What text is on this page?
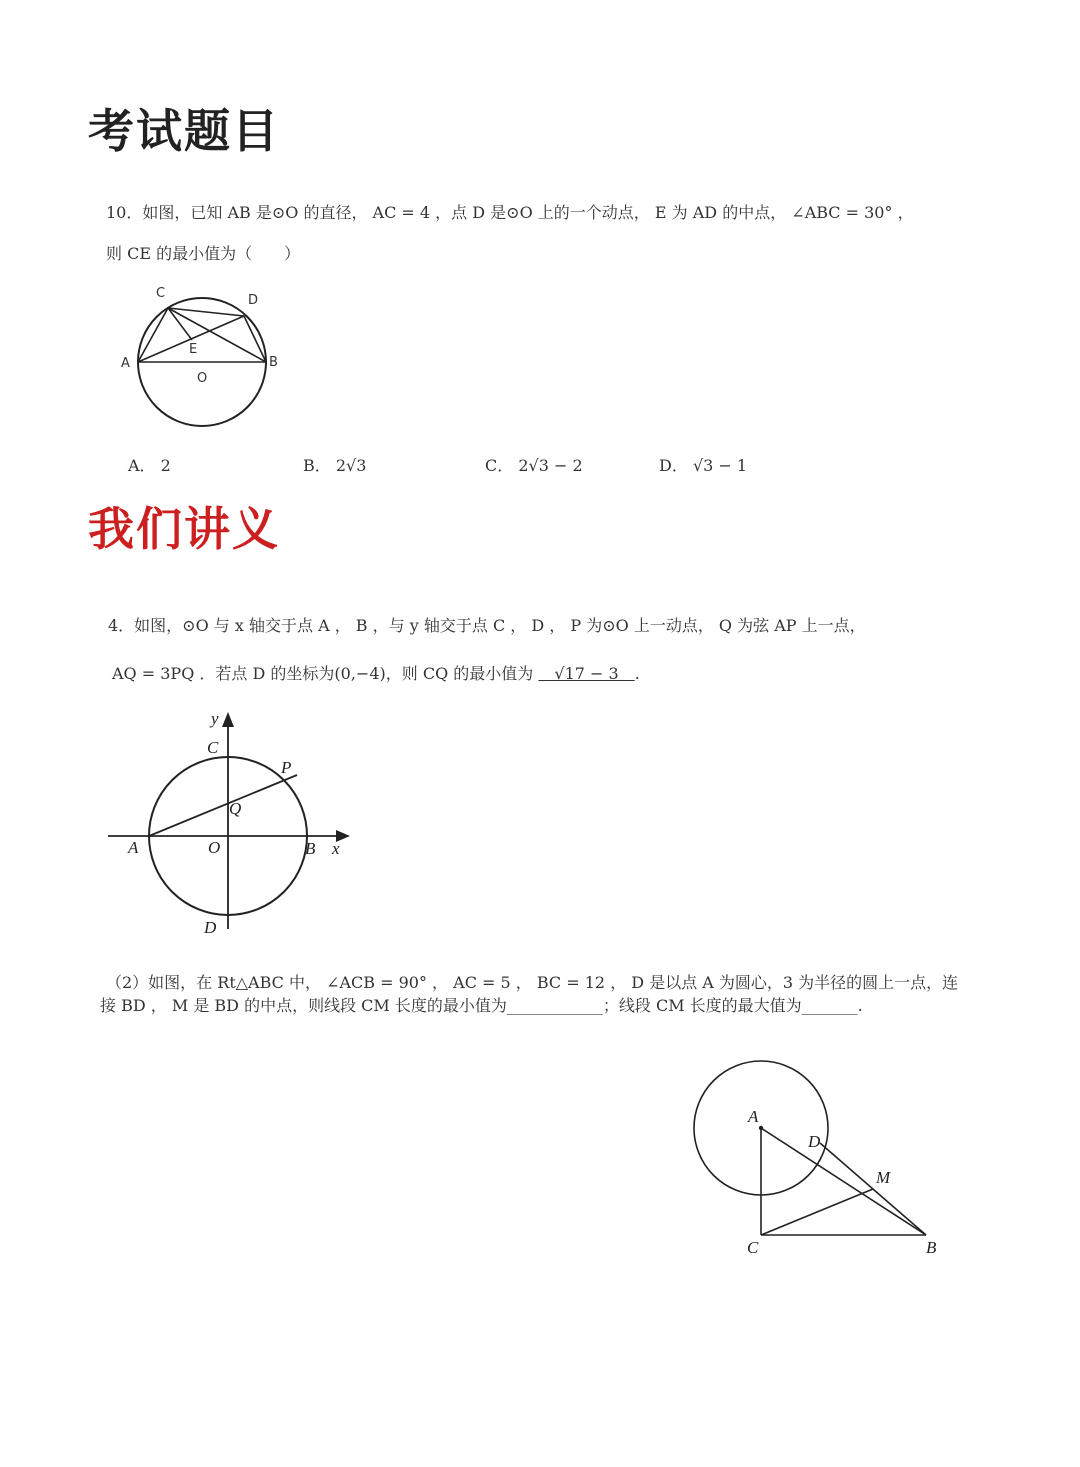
考试题目
10．如图，已知 AB 是⊙O 的直径， AC = 4 ，点 D 是⊙O 上的一个动点， E 为 AD 的中点， ∠ABC = 30° ，
则 CE 的最小值为（　　）
C	D
A
E
B
O
A． 2	B． 2√3	C． 2√3 − 2	D． √3 − 1
我们讲义
4．如图，⊙O 与 x 轴交于点 A ， B ，与 y 轴交于点 C ， D ， P 为⊙O 上一动点， Q 为弦 AP 上一点，
AQ = 3PQ ．若点 D 的坐标为(0,−4)，则 CQ 的最小值为 　√17 − 3　.
y
C
P
Q
A	O	B x
D
（2）如图，在 Rt△ABC 中， ∠ACB = 90° ， AC = 5 ， BC = 12 ， D 是以点 A 为圆心，3 为半径的圆上一点，连
接 BD ， M 是 BD 的中点，则线段 CM 长度的最小值为____________；线段 CM 长度的最大值为_______.
A
D
M
C	B
